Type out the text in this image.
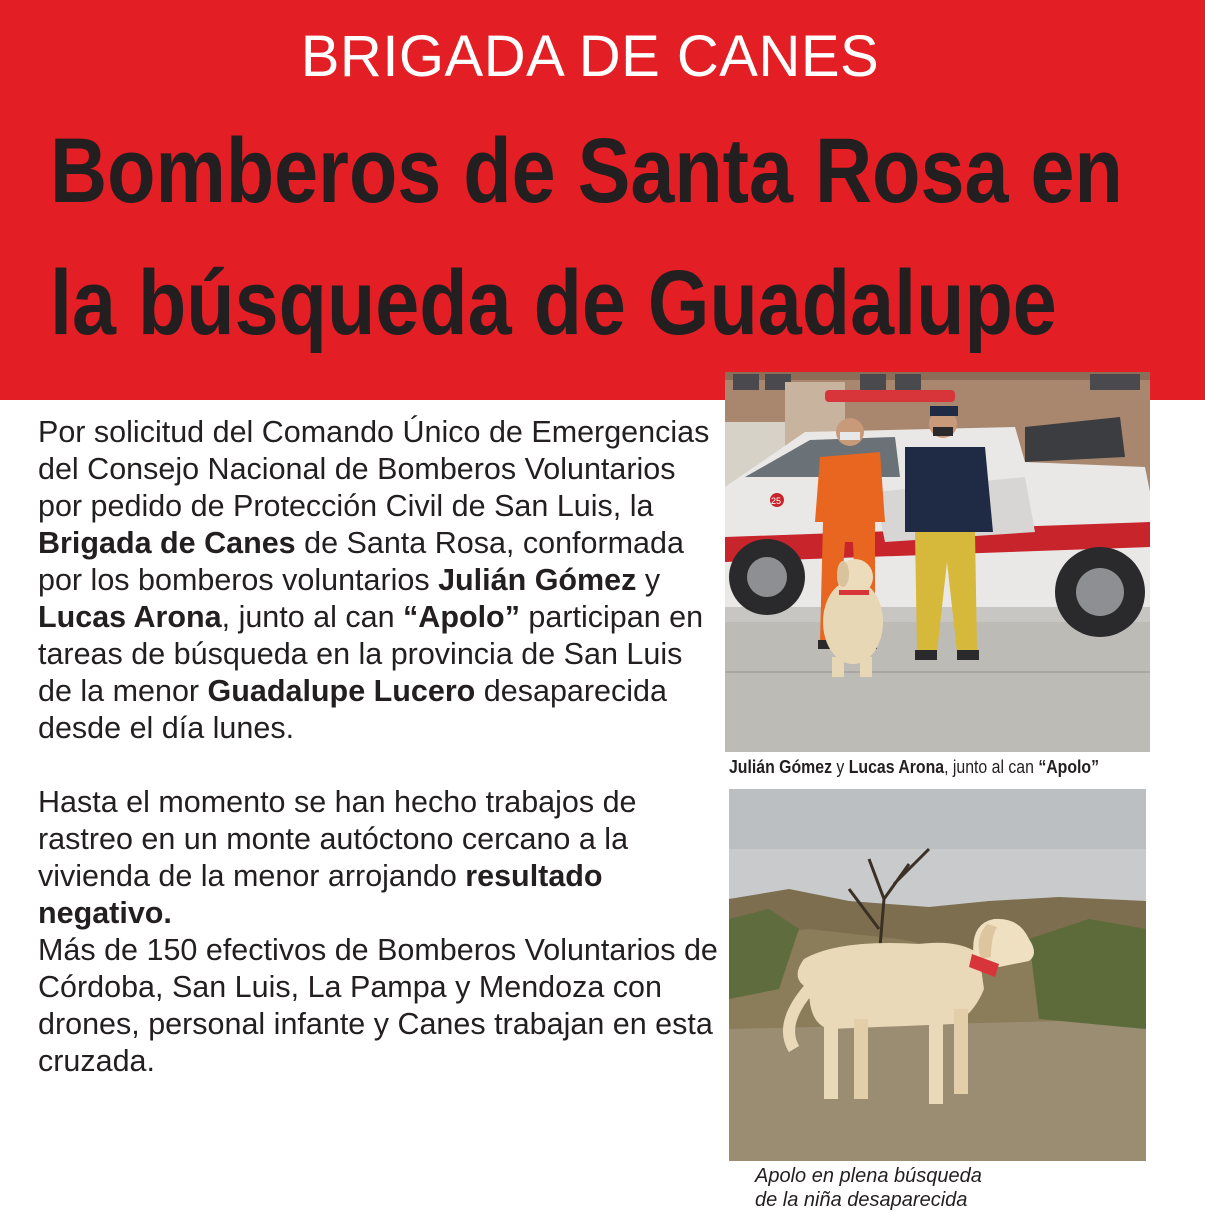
BRIGADA DE CANES
Bomberos de Santa Rosa en
la búsqueda de Guadalupe

Por solicitud del Comando Único de Emergencias del Consejo Nacional de Bomberos Voluntarios por pedido de Protección Civil de San Luis, la Brigada de Canes de Santa Rosa, conformada por los bomberos voluntarios Julián Gómez y Lucas Arona, junto al can “Apolo” participan en tareas de búsqueda en la provincia de San Luis de la menor Guadalupe Lucero desaparecida desde el día lunes.

Hasta el momento se han hecho trabajos de rastreo en un monte autóctono cercano a la vivienda de la menor arrojando resultado negativo.

Más de 150 efectivos de Bomberos Voluntarios de Córdoba, San Luis, La Pampa y Mendoza con drones, personal infante y Canes trabajan en esta cruzada.

25
Julián Gómez y Lucas Arona, junto al can “Apolo”
Apolo en plena búsqueda
de la niña desaparecida
